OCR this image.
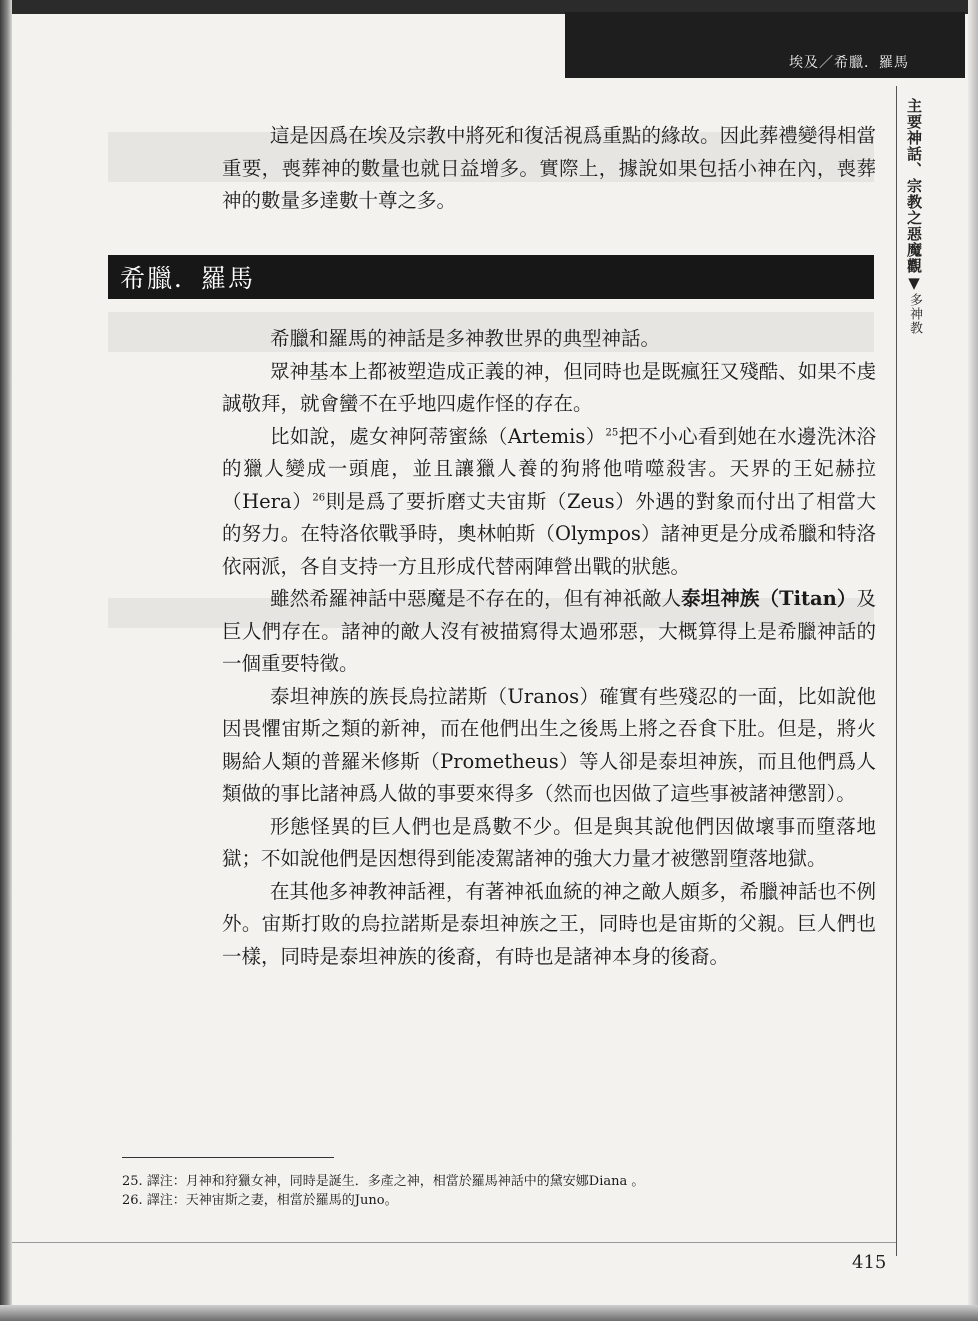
埃及／希臘．羅馬
主要神話、宗教之惡魔觀▼多神教

這是因爲在埃及宗教中將死和復活視爲重點的緣故。因此葬禮變得相當重要，喪葬神的數量也就日益增多。實際上，據說如果包括小神在內，喪葬神的數量多達數十尊之多。

希臘．羅馬

希臘和羅馬的神話是多神教世界的典型神話。

眾神基本上都被塑造成正義的神，但同時也是既瘋狂又殘酷、如果不虔誠敬拜，就會蠻不在乎地四處作怪的存在。

比如說，處女神阿蒂蜜絲（Artemis）$^{25}$把不小心看到她在水邊洗沐浴的獵人變成一頭鹿，並且讓獵人養的狗將他啃噬殺害。天界的王妃赫拉（Hera）$^{26}$則是爲了要折磨丈夫宙斯（Zeus）外遇的對象而付出了相當大的努力。在特洛依戰爭時，奧林帕斯（Olympos）諸神更是分成希臘和特洛依兩派，各自支持一方且形成代替兩陣營出戰的狀態。

雖然希羅神話中惡魔是不存在的，但有神祇敵人泰坦神族（Titan）及巨人們存在。諸神的敵人沒有被描寫得太過邪惡，大概算得上是希臘神話的一個重要特徵。

泰坦神族的族長烏拉諾斯（Uranos）確實有些殘忍的一面，比如說他因畏懼宙斯之類的新神，而在他們出生之後馬上將之吞食下肚。但是，將火賜給人類的普羅米修斯（Prometheus）等人卻是泰坦神族，而且他們爲人類做的事比諸神爲人做的事要來得多（然而也因做了這些事被諸神懲罰）。

形態怪異的巨人們也是爲數不少。但是與其說他們因做壞事而墮落地獄；不如說他們是因想得到能凌駕諸神的強大力量才被懲罰墮落地獄。

在其他多神教神話裡，有著神祇血統的神之敵人頗多，希臘神話也不例外。宙斯打敗的烏拉諾斯是泰坦神族之王，同時也是宙斯的父親。巨人們也一樣，同時是泰坦神族的後裔，有時也是諸神本身的後裔。

25. 譯注：月神和狩獵女神，同時是誕生．多產之神，相當於羅馬神話中的黛安娜Diana 。
26. 譯注：天神宙斯之妻，相當於羅馬的Juno。
415
